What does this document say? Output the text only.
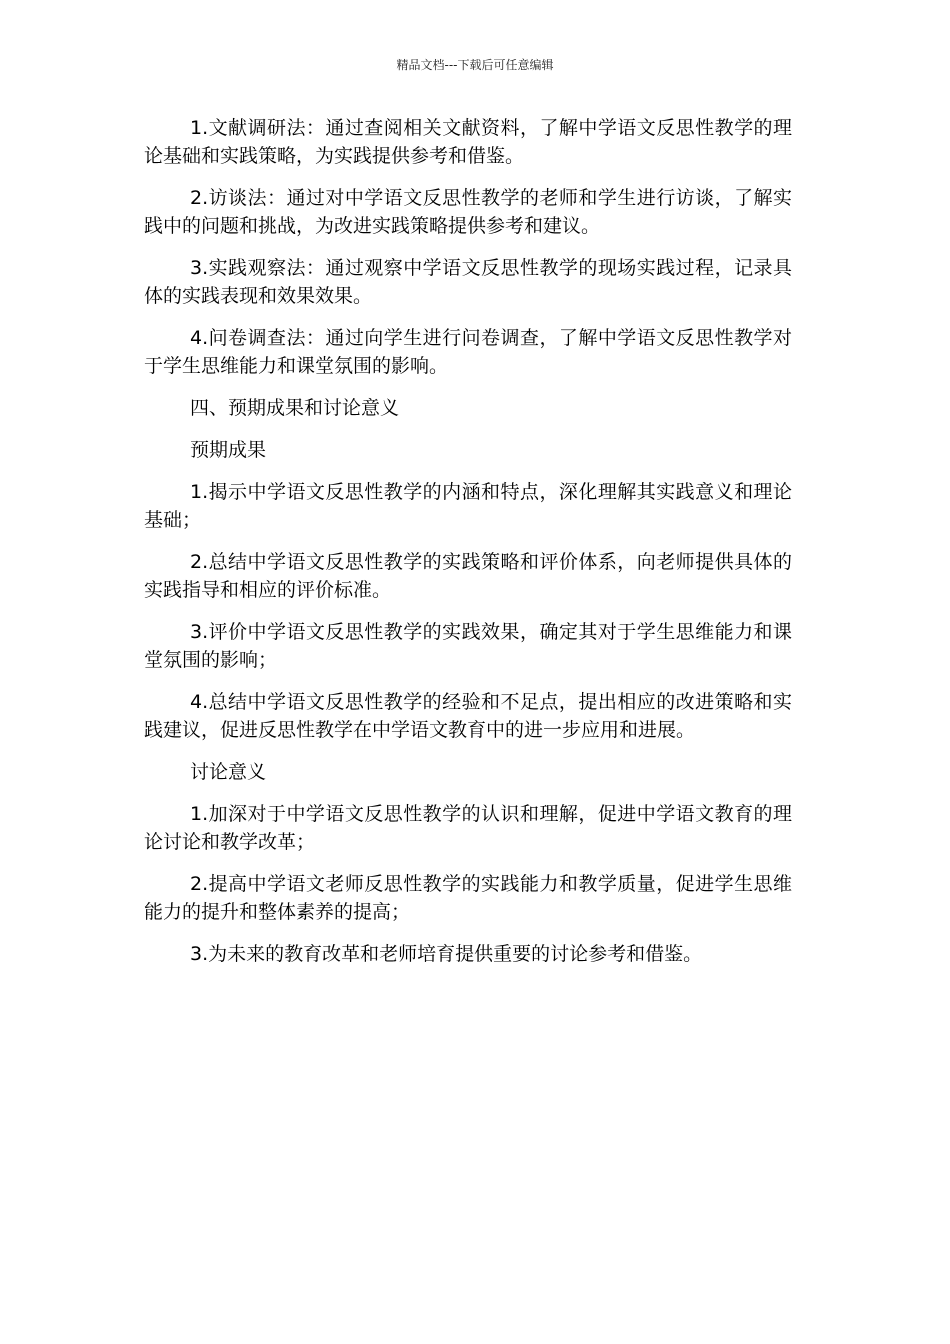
精品文档---下载后可任意编辑

1.文献调研法：通过查阅相关文献资料，了解中学语文反思性教学的理论基础和实践策略，为实践提供参考和借鉴。

2.访谈法：通过对中学语文反思性教学的老师和学生进行访谈，了解实践中的问题和挑战，为改进实践策略提供参考和建议。

3.实践观察法：通过观察中学语文反思性教学的现场实践过程，记录具体的实践表现和效果效果。

4.问卷调查法：通过向学生进行问卷调查，了解中学语文反思性教学对于学生思维能力和课堂氛围的影响。

四、预期成果和讨论意义

预期成果

1.揭示中学语文反思性教学的内涵和特点，深化理解其实践意义和理论基础；

2.总结中学语文反思性教学的实践策略和评价体系，向老师提供具体的实践指导和相应的评价标准。

3.评价中学语文反思性教学的实践效果，确定其对于学生思维能力和课堂氛围的影响；

4.总结中学语文反思性教学的经验和不足点，提出相应的改进策略和实践建议，促进反思性教学在中学语文教育中的进一步应用和进展。

讨论意义

1.加深对于中学语文反思性教学的认识和理解，促进中学语文教育的理论讨论和教学改革；

2.提高中学语文老师反思性教学的实践能力和教学质量，促进学生思维能力的提升和整体素养的提高；

3.为未来的教育改革和老师培育提供重要的讨论参考和借鉴。
